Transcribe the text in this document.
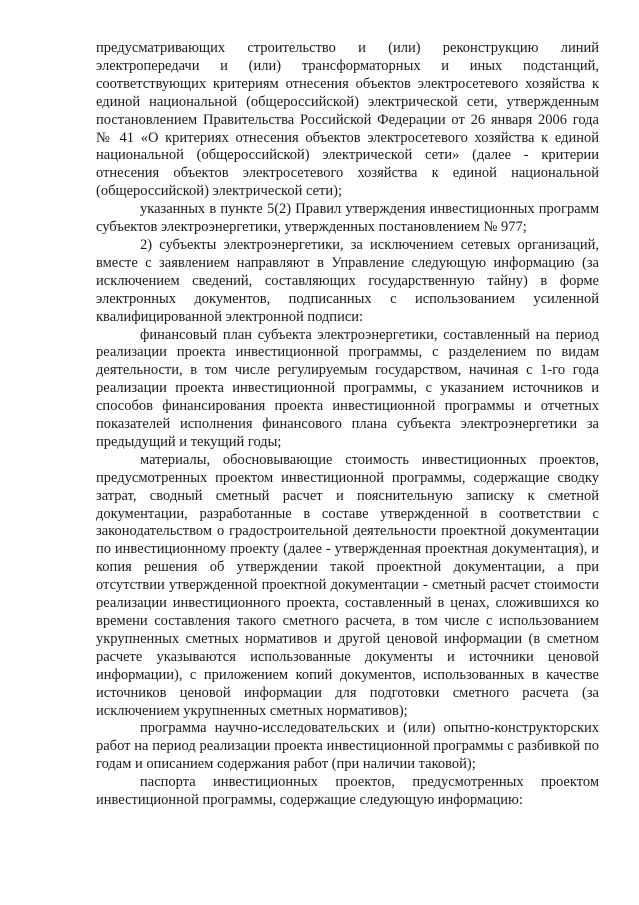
предусматривающих строительство и (или) реконструкцию линий электропередачи и (или) трансформаторных и иных подстанций, соответствующих критериям отнесения объектов электросетевого хозяйства к единой национальной (общероссийской) электрической сети, утвержденным постановлением Правительства Российской Федерации от 26 января 2006 года № 41 «О критериях отнесения объектов электросетевого хозяйства к единой национальной (общероссийской) электрической сети» (далее - критерии отнесения объектов электросетевого хозяйства к единой национальной (общероссийской) электрической сети);

указанных в пункте 5(2) Правил утверждения инвестиционных программ субъектов электроэнергетики, утвержденных постановлением № 977;

2) субъекты электроэнергетики, за исключением сетевых организаций, вместе с заявлением направляют в Управление следующую информацию (за исключением сведений, составляющих государственную тайну) в форме электронных документов, подписанных с использованием усиленной квалифицированной электронной подписи:

финансовый план субъекта электроэнергетики, составленный на период реализации проекта инвестиционной программы, с разделением по видам деятельности, в том числе регулируемым государством, начиная с 1-го года реализации проекта инвестиционной программы, с указанием источников и способов финансирования проекта инвестиционной программы и отчетных показателей исполнения финансового плана субъекта электроэнергетики за предыдущий и текущий годы;

материалы, обосновывающие стоимость инвестиционных проектов, предусмотренных проектом инвестиционной программы, содержащие сводку затрат, сводный сметный расчет и пояснительную записку к сметной документации, разработанные в составе утвержденной в соответствии с законодательством о градостроительной деятельности проектной документации по инвестиционному проекту (далее - утвержденная проектная документация), и копия решения об утверждении такой проектной документации, а при отсутствии утвержденной проектной документации - сметный расчет стоимости реализации инвестиционного проекта, составленный в ценах, сложившихся ко времени составления такого сметного расчета, в том числе с использованием укрупненных сметных нормативов и другой ценовой информации (в сметном расчете указываются использованные документы и источники ценовой информации), с приложением копий документов, использованных в качестве источников ценовой информации для подготовки сметного расчета (за исключением укрупненных сметных нормативов);

программа научно-исследовательских и (или) опытно-конструкторских работ на период реализации проекта инвестиционной программы с разбивкой по годам и описанием содержания работ (при наличии таковой);

паспорта инвестиционных проектов, предусмотренных проектом инвестиционной программы, содержащие следующую информацию:
